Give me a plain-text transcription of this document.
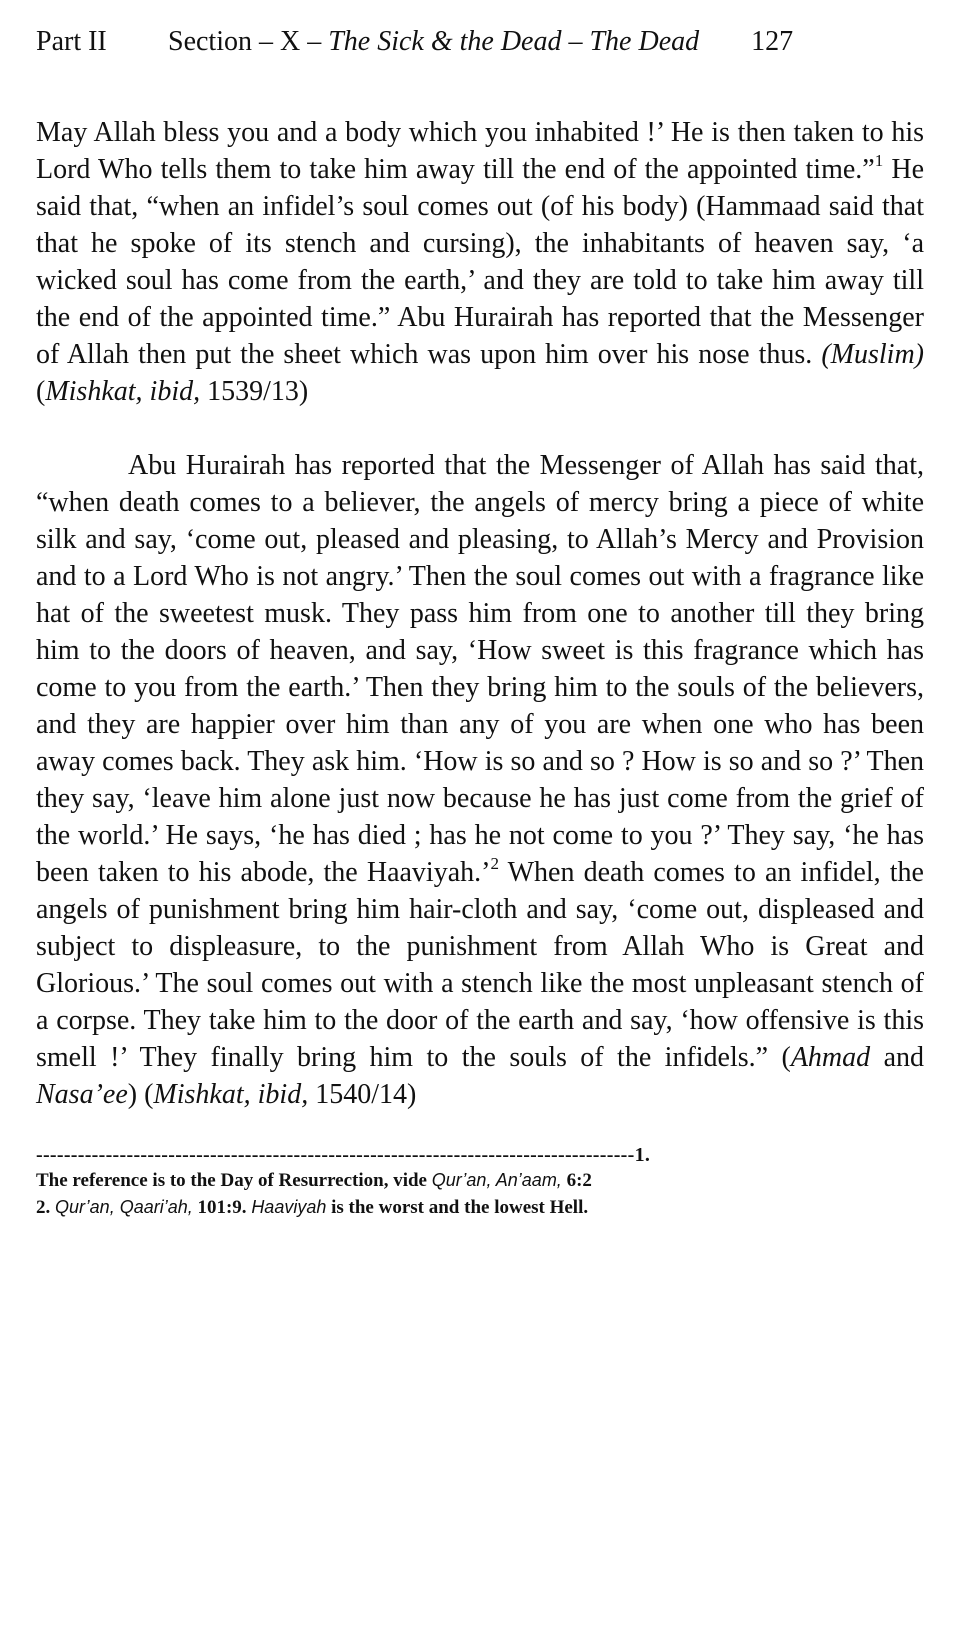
Part II	Section – X – The Sick & the Dead – The Dead 127

May Allah bless you and a body which you inhabited !’ He is then taken to his Lord Who tells them to take him away till the end of the appointed time.”$^1$ He said that, “when an infidel’s soul comes out (of his body) (Hammaad said that that he spoke of its stench and cursing), the inhabitants of heaven say, ‘a wicked soul has come from the earth,’ and they are told to take him away till the end of the appointed time.” Abu Hurairah has reported that the Messenger of Allah then put the sheet which was upon him over his nose thus. (Muslim) (Mishkat, ibid, 1539/13)

Abu Hurairah has reported that the Messenger of Allah has said that, “when death comes to a believer, the angels of mercy bring a piece of white silk and say, ‘come out, pleased and pleasing, to Allah’s Mercy and Provision and to a Lord Who is not angry.’ Then the soul comes out with a fragrance like hat of the sweetest musk. They pass him from one to another till they bring him to the doors of heaven, and say, ‘How sweet is this fragrance which has come to you from the earth.’ Then they bring him to the souls of the believers, and they are happier over him than any of you are when one who has been away comes back. They ask him. ‘How is so and so ? How is so and so ?’ Then they say, ‘leave him alone just now because he has just come from the grief of the world.’ He says, ‘he has died ; has he not come to you ?’ They say, ‘he has been taken to his abode, the Haaviyah.’$^2$ When death comes to an infidel, the angels of punishment bring him hair-cloth and say, ‘come out, displeased and subject to displeasure, to the punishment from Allah Who is Great and Glorious.’ The soul comes out with a stench like the most unpleasant stench of a corpse. They take him to the door of the earth and say, ‘how offensive is this smell !’ They finally bring him to the souls of the infidels.” (Ahmad and Nasa’ee) (Mishkat, ibid, 1540/14)

--------------------------------------------------------------------------------------1.

The reference is to the Day of Resurrection, vide Qur’an, An’aam, 6:2

2. Qur’an, Qaari’ah, 101:9. Haaviyah is the worst and the lowest Hell.
